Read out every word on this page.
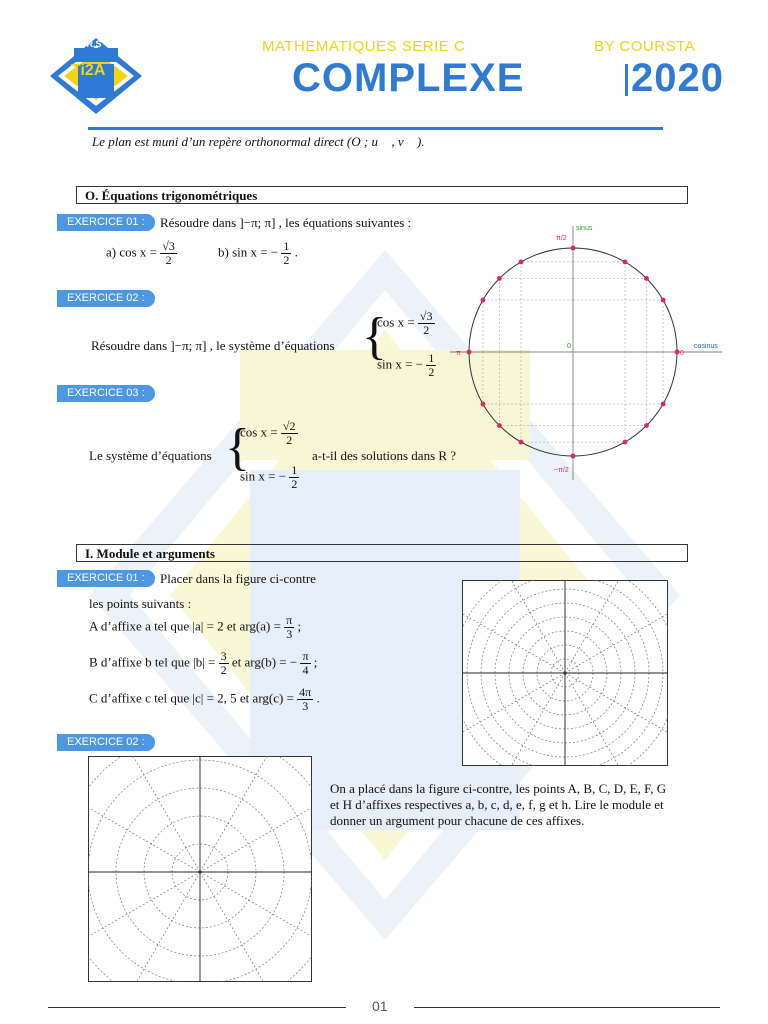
C.OUR.S
Ti2A
MATHEMATIQUES SERIE C
COMPLEXE
BY COURSTA
2020
Le plan est muni d’un repère orthonormal direct (O ; u⃗ , v⃗ ).
O. Équations trigonométriques
EXERCICE 01 :	Résoudre dans ]−π; π] , les équations suivantes :
a) $\cos x = \frac{√3}{2}$	b) sin x = − $\frac{1}{2}$ .
EXERCICE 02 :
Résoudre dans ]−π; π] , le système d’équations {
$\cos x = \frac{√3}{2}$
sin x = − $\frac{1}{2}$
EXERCICE 03 :
Le système d’équations {
$\cos x = \frac{√2}{2}$
sin x = − $\frac{1}{2}$
a-t-il des solutions dans R ?
sinus
cosinus
0
0
π
π/2
−π/2
I. Module et arguments
EXERCICE 01 :	Placer dans la figure ci-contre
les points suivants :
A d’affixe a tel que |a| = 2 et $arg(a) = \frac{\pi}{3}$ ;
B d’affixe b tel que $|b| = \frac{3}{2}$ et arg(b) = − $\frac{\pi}{4}$ ;
C d’affixe c tel que |c| = 2, 5 et $arg(c) = \frac{4\pi}{3}$ .
EXERCICE 02 :
On a placé dans la figure ci-contre, les points A, B, C, D, E, F, G et H d’affixes respectives a, b, c, d, e, f, g et h. Lire le module et donner un argument pour chacune de ces affixes.
01
